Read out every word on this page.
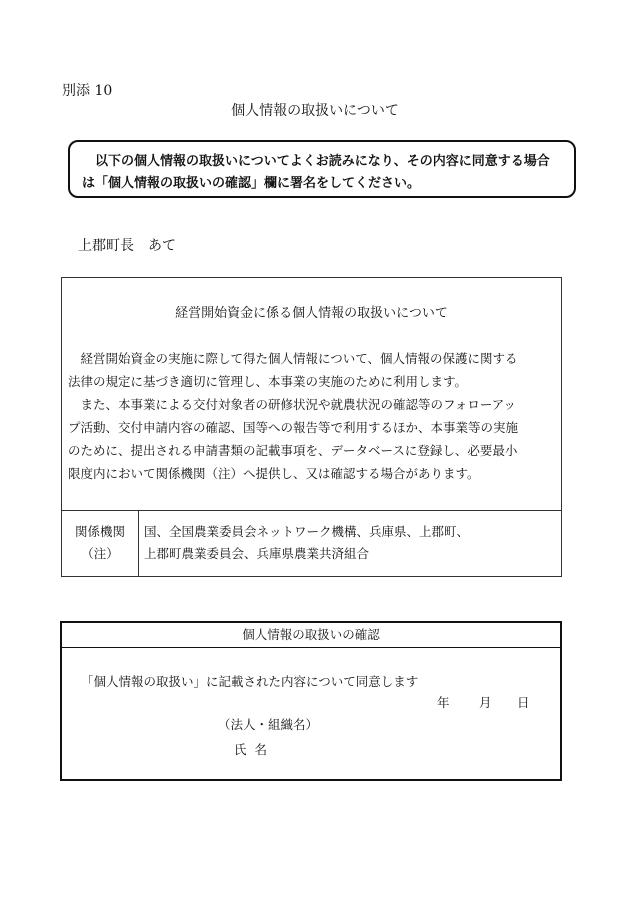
別添 10
個人情報の取扱いについて
以下の個人情報の取扱いについてよくお読みになり、その内容に同意する場合
は「個人情報の取扱いの確認」欄に署名をしてください。
上郡町長　あて
経営開始資金に係る個人情報の取扱いについて
　経営開始資金の実施に際して得た個人情報について、個人情報の保護に関する
法律の規定に基づき適切に管理し、本事業の実施のために利用します。
　また、本事業による交付対象者の研修状況や就農状況の確認等のフォローアッ
プ活動、交付申請内容の確認、国等への報告等で利用するほか、本事業等の実施
のために、提出される申請書類の記載事項を、データベースに登録し、必要最小
限度内において関係機関（注）へ提供し、又は確認する場合があります。
関係機関
（注）
国、全国農業委員会ネットワーク機構、兵庫県、上郡町、
上郡町農業委員会、兵庫県農業共済組合
個人情報の取扱いの確認
「個人情報の取扱い」に記載された内容について同意します
年 月 日
（法人・組織名）
氏名
